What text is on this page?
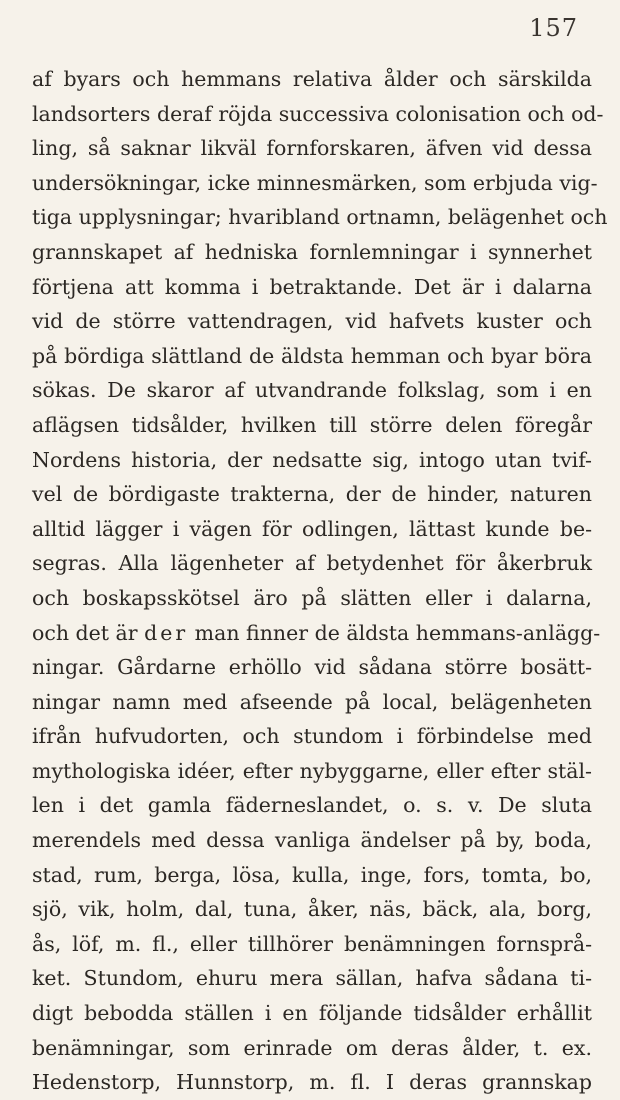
157
af byars och hemmans relativa ålder och särskilda
landsorters deraf röjda successiva colonisation och od-
ling, så saknar likväl fornforskaren, äfven vid dessa
undersökningar, icke minnesmärken, som erbjuda vig-
tiga upplysningar; hvaribland ortnamn, belägenhet och
grannskapet af hedniska fornlemningar i synnerhet
förtjena att komma i betraktande. Det är i dalarna
vid de större vattendragen, vid hafvets kuster och
på bördiga slättland de äldsta hemman och byar böra
sökas. De skaror af utvandrande folkslag, som i en
aflägsen tidsålder, hvilken till större delen föregår
Nordens historia, der nedsatte sig, intogo utan tvif-
vel de bördigaste trakterna, der de hinder, naturen
alltid lägger i vägen för odlingen, lättast kunde be-
segras. Alla lägenheter af betydenhet för åkerbruk
och boskapsskötsel äro på slätten eller i dalarna,
och det är der man finner de äldsta hemmans-anlägg-
ningar. Gårdarne erhöllo vid sådana större bosätt-
ningar namn med afseende på local, belägenheten
ifrån hufvudorten, och stundom i förbindelse med
mythologiska idéer, efter nybyggarne, eller efter stäl-
len i det gamla fäderneslandet, o. s. v. De sluta
merendels med dessa vanliga ändelser på by, boda,
stad, rum, berga, lösa, kulla, inge, fors, tomta, bo,
sjö, vik, holm, dal, tuna, åker, näs, bäck, ala, borg,
ås, löf, m. fl., eller tillhörer benämningen fornsprå-
ket. Stundom, ehuru mera sällan, hafva sådana ti-
digt bebodda ställen i en följande tidsålder erhållit
benämningar, som erinrade om deras ålder, t. ex.
Hedenstorp, Hunnstorp, m. fl. I deras grannskap
